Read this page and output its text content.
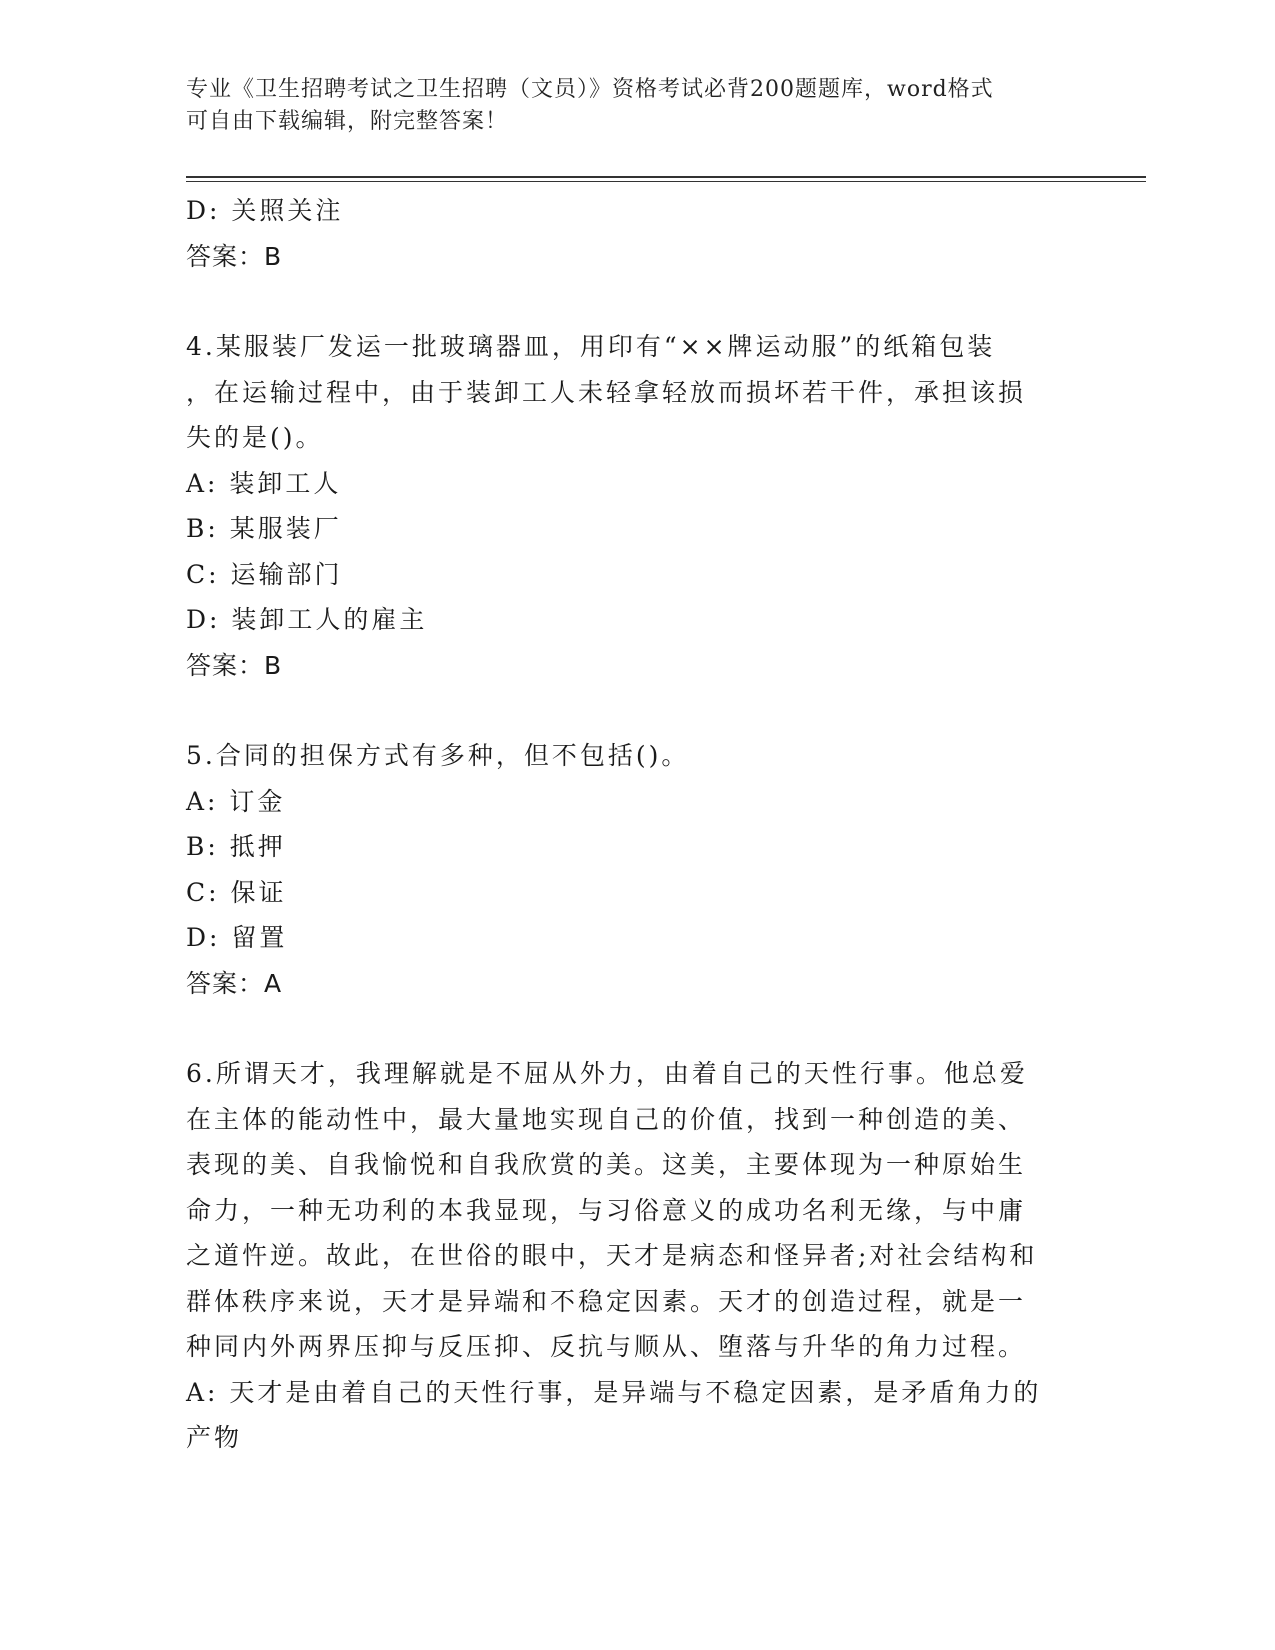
专业《卫生招聘考试之卫生招聘（文员）》资格考试必背200题题库，word格式
可自由下载编辑，附完整答案！
D: 关照关注
答案：B
4.某服装厂发运一批玻璃器皿，用印有“××牌运动服”的纸箱包装
，在运输过程中，由于装卸工人未轻拿轻放而损坏若干件，承担该损
失的是()。
A: 装卸工人
B: 某服装厂
C: 运输部门
D: 装卸工人的雇主
答案：B
5.合同的担保方式有多种，但不包括()。
A: 订金
B: 抵押
C: 保证
D: 留置
答案：A
6.所谓天才，我理解就是不屈从外力，由着自己的天性行事。他总爱
在主体的能动性中，最大量地实现自己的价值，找到一种创造的美、
表现的美、自我愉悦和自我欣赏的美。这美，主要体现为一种原始生
命力，一种无功利的本我显现，与习俗意义的成功名利无缘，与中庸
之道忤逆。故此，在世俗的眼中，天才是病态和怪异者;对社会结构和
群体秩序来说，天才是异端和不稳定因素。天才的创造过程，就是一
种同内外两界压抑与反压抑、反抗与顺从、堕落与升华的角力过程。
A: 天才是由着自己的天性行事，是异端与不稳定因素，是矛盾角力的
产物
